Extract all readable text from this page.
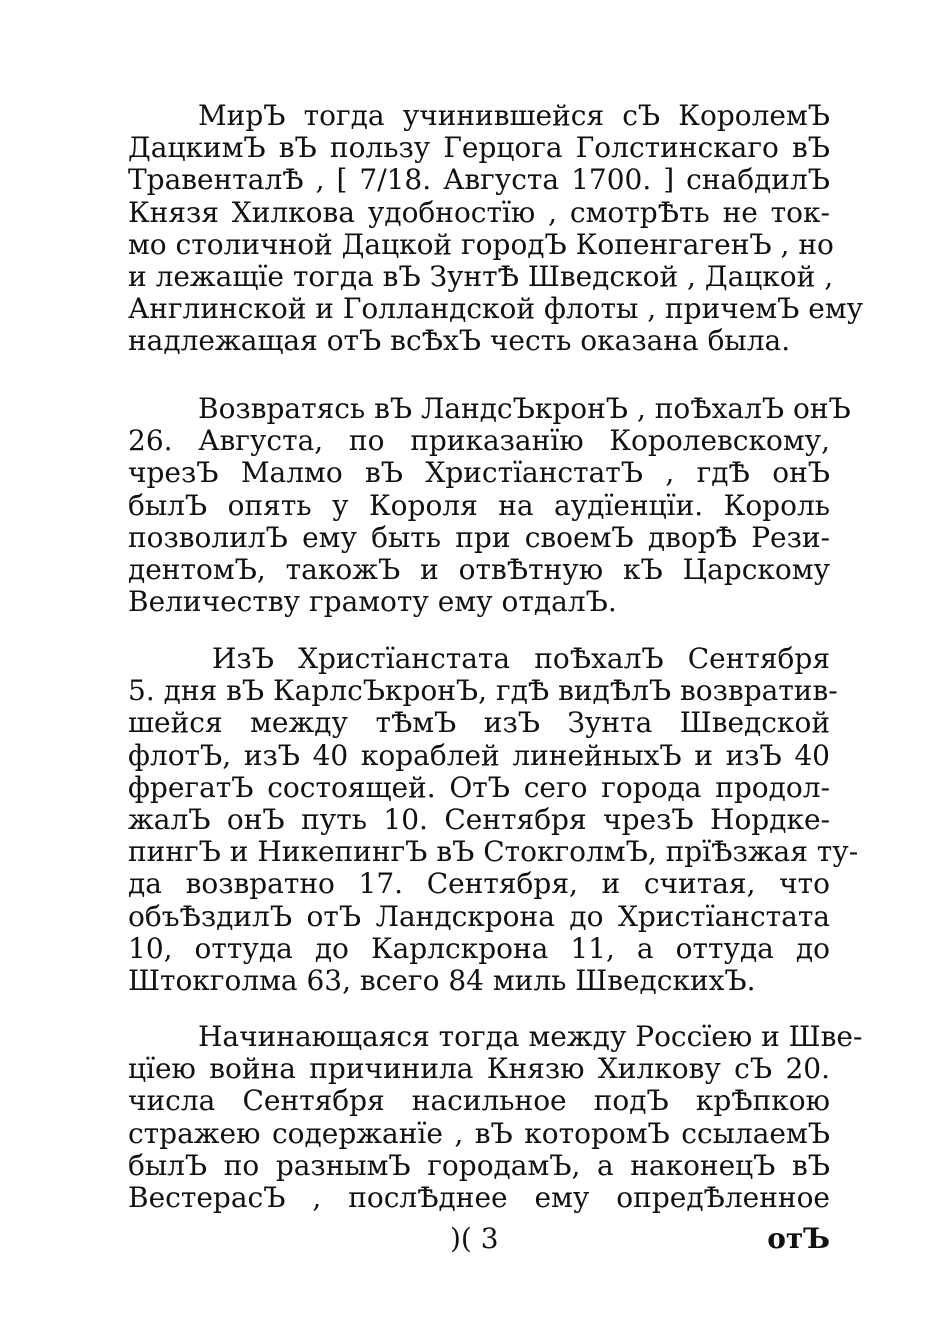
МирЪ тогда учинившейся сЪ КоролемЪ
ДацкимЪ вЪ пользу Герцога Голстинскаго вЪ
ТравенталѢ , [ 7/18. Августа 1700. ] снабдилЪ
Князя Хилкова удобностїю , смотрѢть не ток-
мо столичной Дацкой городЪ КопенгагенЪ , но
и лежащїе тогда вЪ ЗунтѢ Шведской , Дацкой ,
Англинской и Голландской флоты , причемЪ ему
надлежащая отЪ всѢхЪ честь оказана была.
Возвратясь вЪ ЛандсЪкронЪ , поѢхалЪ онЪ
26. Августа, по приказанїю Королевскому,
чрезЪ Малмо вЪ ХристїанстатЪ , гдѢ онЪ
былЪ опять у Короля на аудїенцїи. Король
позволилЪ ему быть при своемЪ дворѢ Рези-
дентомЪ, такожЪ и отвѢтную кЪ Царскому
Величеству грамоту ему отдалЪ.
ИзЪ Христїанстата поѢхалЪ Сентября
5. дня вЪ КарлсЪкронЪ, гдѢ видѢлЪ возвратив-
шейся между тѢмЪ изЪ Зунта Шведской
флотЪ, изЪ 40 кораблей линейныхЪ и изЪ 40
фрегатЪ состоящей. ОтЪ сего города продол-
жалЪ онЪ путь 10. Сентября чрезЪ Нордке-
пингЪ и НикепингЪ вЪ СтокголмЪ, прїѢзжая ту-
да возвратно 17. Сентября, и считая, что
объѢздилЪ отЪ Ландскрона до Христїанстата
10, оттуда до Карлскрона 11, а оттуда до
Штокголма 63, всего 84 миль ШведскихЪ.
Начинающаяся тогда между Россїею и Шве-
цїею война причинила Князю Хилкову сЪ 20.
числа Сентября насильное подЪ крѢпкою
стражею содержанїе , вЪ которомЪ ссылаемЪ
былЪ по разнымЪ городамЪ, а наконецЪ вЪ
ВестерасЪ , послѢднее ему опредѢленное
)( 3	отЪ
